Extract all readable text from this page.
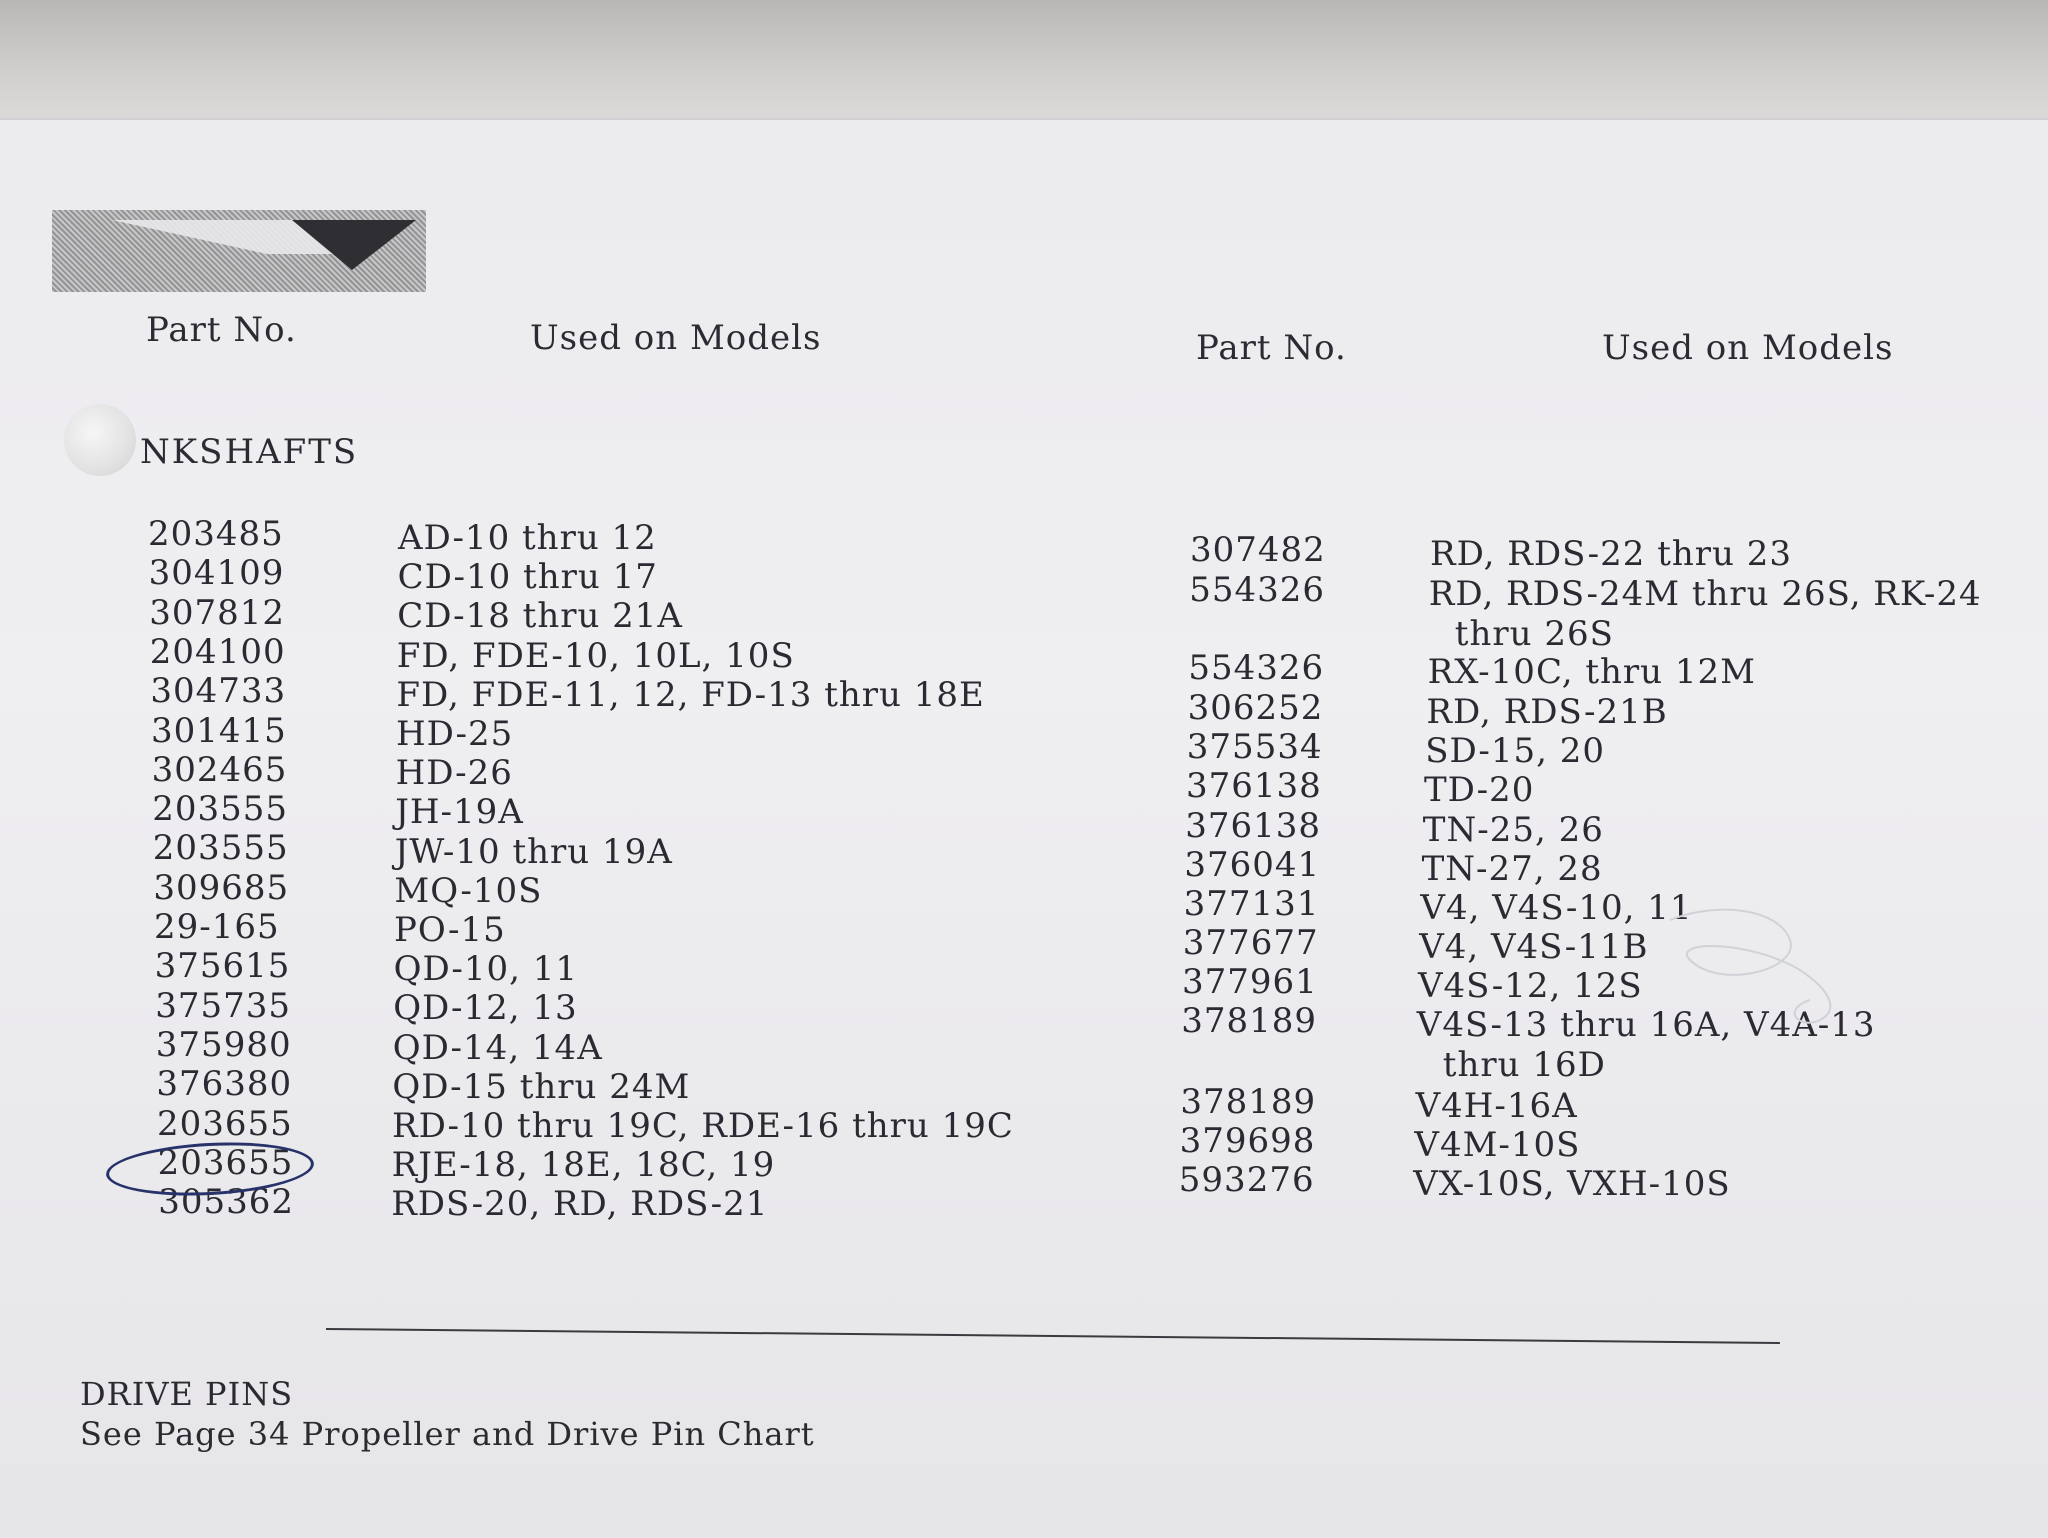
Part No.	Used on Models	Part No.	Used on Models
NKSHAFTS
203485	AD-10 thru 12
304109	CD-10 thru 17
307812	CD-18 thru 21A
204100	FD, FDE-10, 10L, 10S
304733	FD, FDE-11, 12, FD-13 thru 18E
301415	HD-25
302465	HD-26
203555	JH-19A
203555	JW-10 thru 19A
309685	MQ-10S
29-165	PO-15
375615	QD-10, 11
375735	QD-12, 13
375980	QD-14, 14A
376380	QD-15 thru 24M
203655	RD-10 thru 19C, RDE-16 thru 19C
203655	RJE-18, 18E, 18C, 19
305362	RDS-20, RD, RDS-21
307482	RD, RDS-22 thru 23
554326	RD, RDS-24M thru 26S, RK-24
thru 26S
554326	RX-10C, thru 12M
306252	RD, RDS-21B
375534	SD-15, 20
376138	TD-20
376138	TN-25, 26
376041	TN-27, 28
377131	V4, V4S-10, 11
377677	V4, V4S-11B
377961	V4S-12, 12S
378189	V4S-13 thru 16A, V4A-13
thru 16D
378189	V4H-16A
379698	V4M-10S
593276	VX-10S, VXH-10S
DRIVE PINS
See Page 34 Propeller and Drive Pin Chart
